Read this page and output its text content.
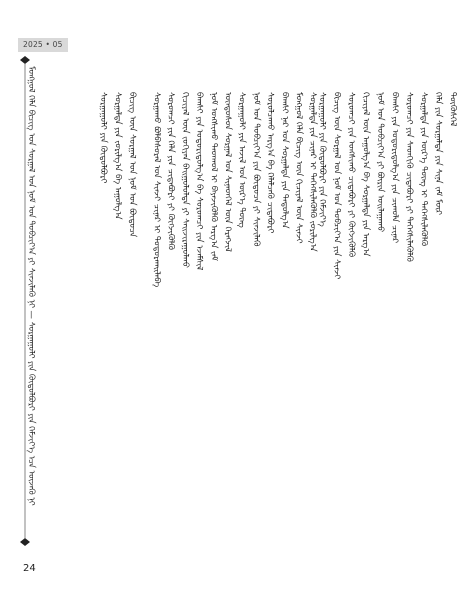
2025 • 05
ᠮᠣᠩᠭᠣᠯ ᠬᠡᠯᠡ ᠪᠢᠴᠢᠭ ᠤᠨ ᠰᠤᠷᠭᠠᠯ ᠤᠨ ᠨᠣᠮ ᠤᠨ ᠲᠣᠪᠴᠢᠶ᠎ᠠ ᠶᠢ ᠰᠢᠨᠵᠢᠯᠡᠬᠦ ᠨᠢ — ᠰᠤᠷᠭᠠᠭᠤᠯᠢ ᠶᠢᠨ ᠬᠥᠲᠦᠯᠪᠦᠷᠢ ᠶᠢᠨ ᠬᠡᠮᠵᠢᠶ᠎ᠡ ᠡᠴᠡ ᠦᠵᠡᠬᠦ ᠨᠢ	ᠰᠤᠷᠭᠠᠭᠤᠯᠢ ᠶᠢᠨ ᠬᠥᠲᠦᠯᠪᠦᠷᠢ ᠰᠤᠷᠭᠠᠯᠲᠠ ᠶᠢᠨ ᠵᠣᠷᠢᠯᠭ᠎ᠠ ᠪᠠ ᠠᠭᠤᠯᠭ᠎ᠠ ᠪᠢᠴᠢᠭ ᠦᠨ ᠰᠤᠷᠭᠠᠯ ᠤᠨ ᠨᠣᠮ ᠤᠨ ᠪᠦᠲᠦᠴᠡ ᠰᠤᠷᠭᠠᠬᠤ ᠪᠣᠯᠪᠠᠰᠤᠷᠠᠯ ᠤᠨ ᠰᠢᠨᠵᠢ ᠴᠢᠨᠠᠷ ᠢ ᠲᠣᠳᠣᠷᠬᠠᠢᠯᠠᠪᠠ ᠰᠤᠷᠤᠭᠴᠢ ᠶᠢᠨ ᠬᠡᠯᠡ ᠶᠢᠨ ᠴᠢᠳᠠᠪᠤᠷᠢ ᠶᠢ ᠬᠥᠭᠵᠢᠭᠦᠯᠬᠦ ᠬᠢᠴᠢᠶᠡᠯ ᠦᠨ ᠵᠣᠬᠢᠶᠠᠨ ᠪᠠᠢᠭᠤᠯᠤᠯᠲᠠ ᠶᠢ ᠰᠠᠢᠵᠢᠷᠠᠭᠤᠯᠬᠤ ᠪᠠᠭᠰᠢ ᠶᠢᠨ ᠤᠳᠤᠷᠢᠳᠤᠯᠭ᠎ᠠ ᠪᠠ ᠰᠤᠷᠤᠭᠴᠢ ᠶᠢᠨ ᠡᠵᠡᠮᠰᠢᠯ ᠨᠣᠮ ᠤᠩᠰᠢᠬᠤ ᠳᠠᠳᠬᠤᠯ ᠢ ᠪᠡᠶᠡᠵᠢᠭᠦᠯᠬᠦ ᠠᠷᠭ᠎ᠠ ᠵᠠᠮ ᠦᠨᠳᠦᠰᠦᠨ ᠰᠤᠷᠭᠠᠯ ᠤᠨ ᠰᠢᠨᠡᠳᠬᠡᠯ ᠦᠨ ᠬᠡᠷᠡᠭᠵᠢᠯ ᠰᠤᠷᠭᠠᠭᠤᠯᠢ ᠶᠢᠨ ᠠᠵᠢᠯ ᠤᠨ ᠦᠷ᠎ᠡ ᠳᠦᠩ ᠨᠣᠮ ᠤᠨ ᠲᠣᠪᠴᠢᠶ᠎ᠠ ᠶᠢᠨ ᠪᠦᠲᠦᠴᠡ ᠶᠢ ᠰᠢᠨᠵᠢᠯᠡᠬᠦ ᠰᠤᠷᠤᠯᠴᠠᠬᠤ ᠠᠷᠭ᠎ᠠ ᠪᠠ ᠬᠡᠯᠡᠯᠴᠡᠬᠦ ᠴᠢᠳᠠᠪᠤᠷᠢ ᠪᠠᠭᠰᠢ ᠨᠠᠷ ᠤᠨ ᠰᠤᠷᠭᠠᠯᠲᠠ ᠶᠢᠨ ᠳᠠᠳᠤᠯᠭ᠎ᠠ ᠮᠣᠩᠭᠣᠯ ᠬᠡᠯᠡ ᠪᠢᠴᠢᠭ ᠦᠨ ᠬᠢᠴᠢᠶᠡᠯ ᠦᠨ ᠰᠢᠨᠵᠢ ᠰᠤᠷᠭᠠᠯᠲᠠ ᠶᠢᠨ ᠴᠢᠨᠠᠷ ᠢ ᠳᠡᠭᠡᠭᠰᠢᠯᠡᠭᠦᠯᠬᠦ ᠵᠣᠷᠢᠯᠭ᠎ᠠ ᠰᠤᠷᠭᠠᠭᠤᠯᠢ ᠶᠢᠨ ᠬᠥᠲᠦᠯᠪᠦᠷᠢ ᠶᠢᠨ ᠬᠡᠮᠵᠢᠶ᠎ᠡ ᠪᠢᠴᠢᠭ ᠦᠨ ᠰᠤᠷᠭᠠᠯ ᠤᠨ ᠨᠣᠮ ᠤᠨ ᠲᠣᠪᠴᠢᠶ᠎ᠠ ᠶᠢᠨ ᠰᠢᠨᠵᠢ ᠰᠤᠷᠤᠭᠴᠢ ᠶᠢᠨ ᠤᠩᠰᠢᠬᠤ ᠴᠢᠳᠠᠪᠤᠷᠢ ᠶᠢ ᠬᠥᠭᠵᠢᠭᠦᠯᠬᠦ ᠬᠢᠴᠢᠶᠡᠯ ᠦᠨ ᠠᠭᠤᠯᠭ᠎ᠠ ᠪᠠ ᠰᠤᠷᠭᠠᠯᠲᠠ ᠶᠢᠨ ᠠᠷᠭ᠎ᠠ ᠨᠣᠮ ᠤᠨ ᠲᠣᠪᠴᠢᠶ᠎ᠠ ᠶᠢ ᠪᠦᠷᠢᠨ ᠣᠢᠯᠠᠭᠠᠬᠤ ᠪᠠᠭᠰᠢ ᠶᠢᠨ ᠤᠳᠤᠷᠢᠳᠤᠯᠭ᠎ᠠ ᠶᠢᠨ ᠴᠢᠬᠤᠯᠠ ᠴᠢᠨᠠᠷ ᠰᠤᠷᠤᠭᠴᠢ ᠶᠢᠨ ᠰᠡᠳᠬᠢᠬᠦ ᠴᠢᠳᠠᠪᠤᠷᠢ ᠶᠢ ᠳᠡᠭᠡᠭᠰᠢᠯᠡᠭᠦᠯᠬᠦ ᠰᠤᠷᠭᠠᠯᠲᠠ ᠶᠢᠨ ᠦᠷ᠎ᠡ ᠳᠦᠩ ᠢ ᠳᠡᠭᠡᠭᠰᠢᠯᠡᠭᠦᠯᠬᠦ ᠬᠡᠯᠡ ᠶᠢᠨ ᠰᠤᠷᠭᠠᠯᠲᠠ ᠶᠢᠨ ᠰᠢᠨᠡ ᠵᠠᠮ ᠮᠥᠷ ᠲᠥᠭᠦᠰᠬᠡᠯ
24
